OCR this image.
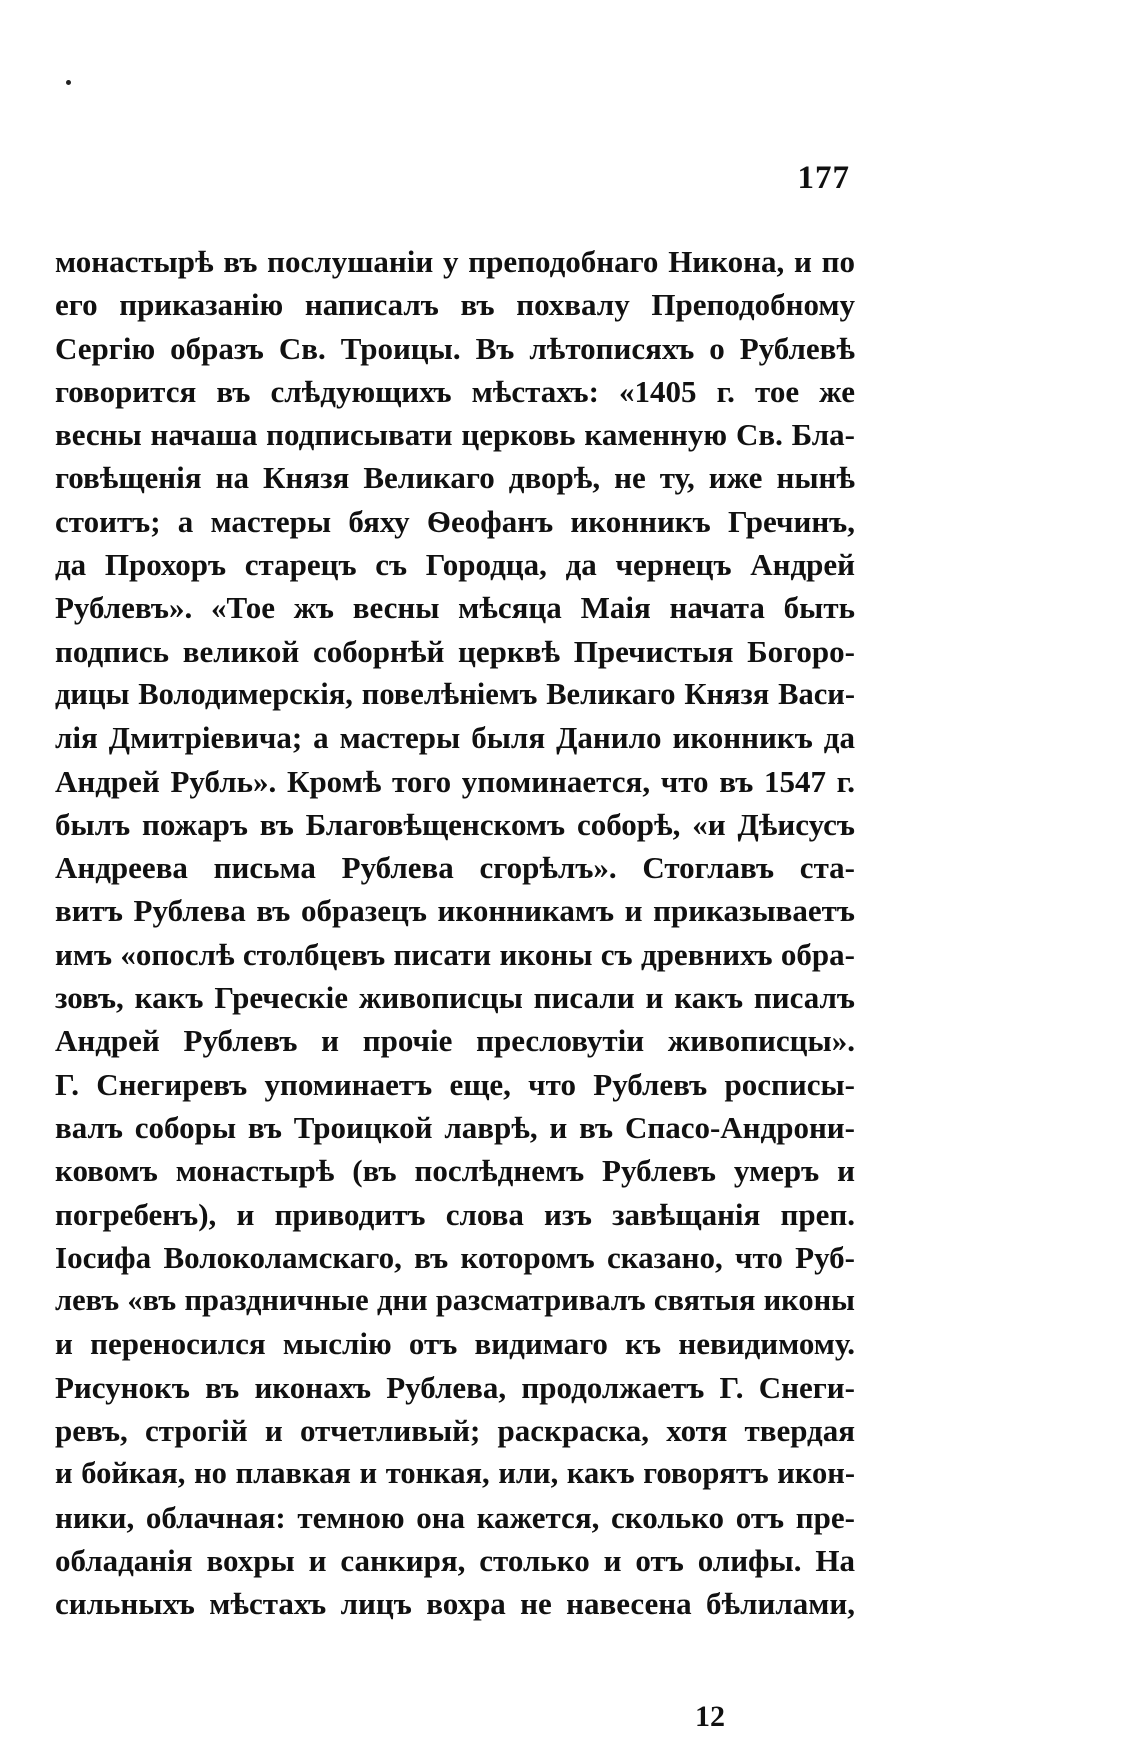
177
монастырѣ въ послушаніи у преподобнаго Никона, и по
его приказанію написалъ въ похвалу Преподобному
Сергію образъ Св. Троицы. Въ лѣтописяхъ о Рублевѣ
говорится въ слѣдующихъ мѣстахъ: «1405 г. тое же
весны начаша подписывати церковь каменную Св. Бла-
говѣщенія на Князя Великаго дворѣ, не ту, иже нынѣ
стоитъ; а мастеры бяху Ѳеофанъ иконникъ Гречинъ,
да Прохоръ старецъ съ Городца, да чернецъ Андрей
Рублевъ». «Тое жъ весны мѣсяца Маія начата быть
подпись великой соборнѣй церквѣ Пречистыя Богоро-
дицы Володимерскія, повелѣніемъ Великаго Князя Васи-
лія Дмитріевича; а мастеры быля Данило иконникъ да
Андрей Рубль». Кромѣ того упоминается, что въ 1547 г.
былъ пожаръ въ Благовѣщенскомъ соборѣ, «и Дѣисусъ
Андреева письма Рублева сгорѣлъ». Стоглавъ ста-
витъ Рублева въ образецъ иконникамъ и приказываетъ
имъ «опослѣ столбцевъ писати иконы съ древнихъ обра-
зовъ, какъ Греческіе живописцы писали и какъ писалъ
Андрей Рублевъ и прочіе пресловутіи живописцы».
Г. Снегиревъ упоминаетъ еще, что Рублевъ росписы-
валъ соборы въ Троицкой лаврѣ, и въ Спасо-Андрони-
ковомъ монастырѣ (въ послѣднемъ Рублевъ умеръ и
погребенъ), и приводитъ слова изъ завѣщанія преп.
Іосифа Волоколамскаго, въ которомъ сказано, что Руб-
левъ «въ праздничные дни разсматривалъ святыя иконы
и переносился мыслію отъ видимаго къ невидимому.
Рисунокъ въ иконахъ Рублева, продолжаетъ Г. Снеги-
ревъ, строгій и отчетливый; раскраска, хотя твердая
и бойкая, но плавкая и тонкая, или, какъ говорятъ икон-
ники, облачная: темною она кажется, сколько отъ пре-
обладанія вохры и санкиря, столько и отъ олифы. На
сильныхъ мѣстахъ лицъ вохра не навесена бѣлилами,
12
